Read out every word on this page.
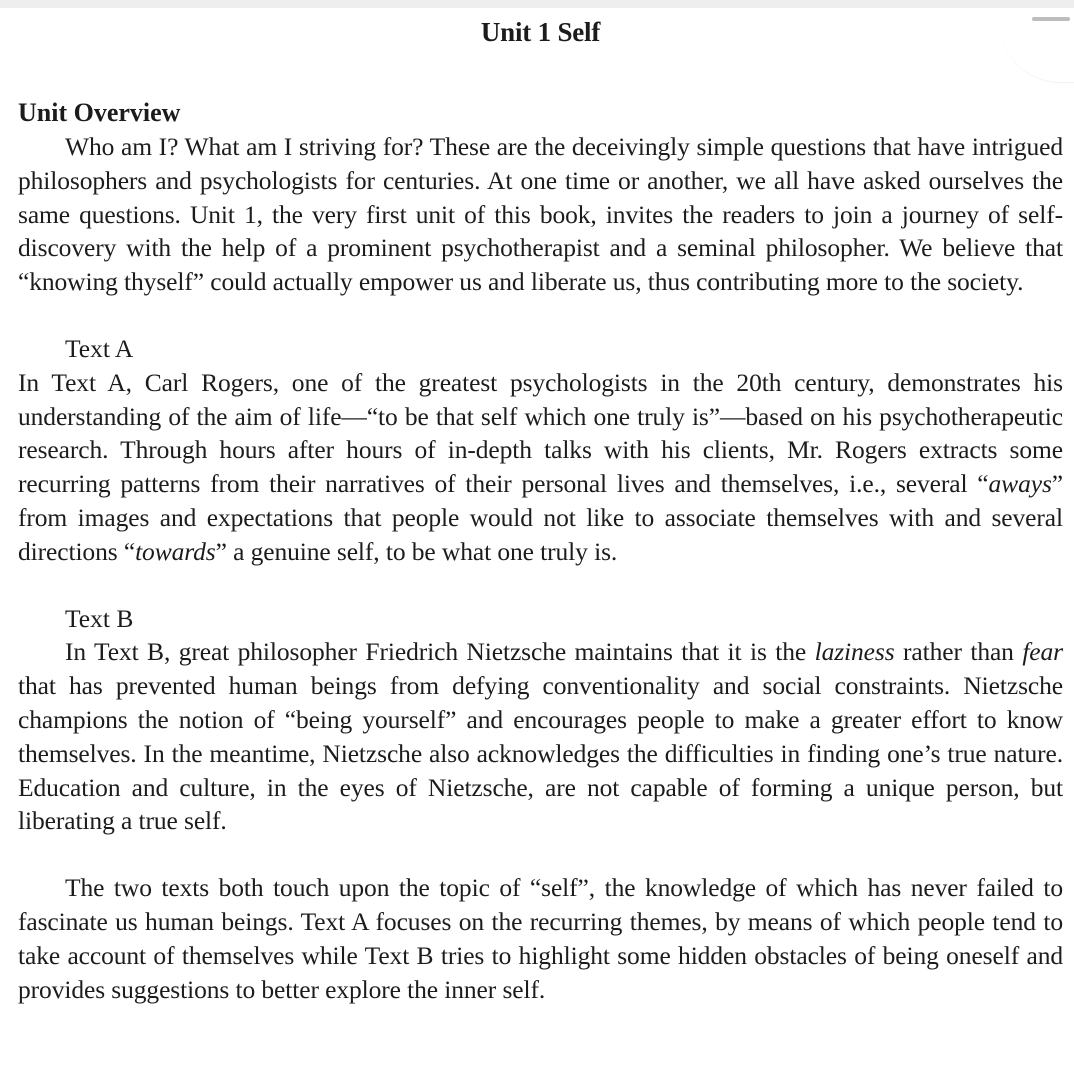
Unit 1 Self
Unit Overview

Who am I? What am I striving for? These are the deceivingly simple questions that have intrigued philosophers and psychologists for centuries. At one time or another, we all have asked ourselves the same questions. Unit 1, the very first unit of this book, invites the readers to join a journey of self-discovery with the help of a prominent psychotherapist and a seminal philosopher. We believe that “knowing thyself” could actually empower us and liberate us, thus contributing more to the society.

Text A

In Text A, Carl Rogers, one of the greatest psychologists in the 20th century, demonstrates his understanding of the aim of life—“to be that self which one truly is”—based on his psychotherapeutic research. Through hours after hours of in-depth talks with his clients, Mr. Rogers extracts some recurring patterns from their narratives of their personal lives and themselves, i.e., several “aways” from images and expectations that people would not like to associate themselves with and several directions “towards” a genuine self, to be what one truly is.

Text B

In Text B, great philosopher Friedrich Nietzsche maintains that it is the laziness rather than fear that has prevented human beings from defying conventionality and social constraints. Nietzsche champions the notion of “being yourself” and encourages people to make a greater effort to know themselves. In the meantime, Nietzsche also acknowledges the difficulties in finding one’s true nature. Education and culture, in the eyes of Nietzsche, are not capable of forming a unique person, but liberating a true self.

The two texts both touch upon the topic of “self”, the knowledge of which has never failed to fascinate us human beings. Text A focuses on the recurring themes, by means of which people tend to take account of themselves while Text B tries to highlight some hidden obstacles of being oneself and provides suggestions to better explore the inner self.
